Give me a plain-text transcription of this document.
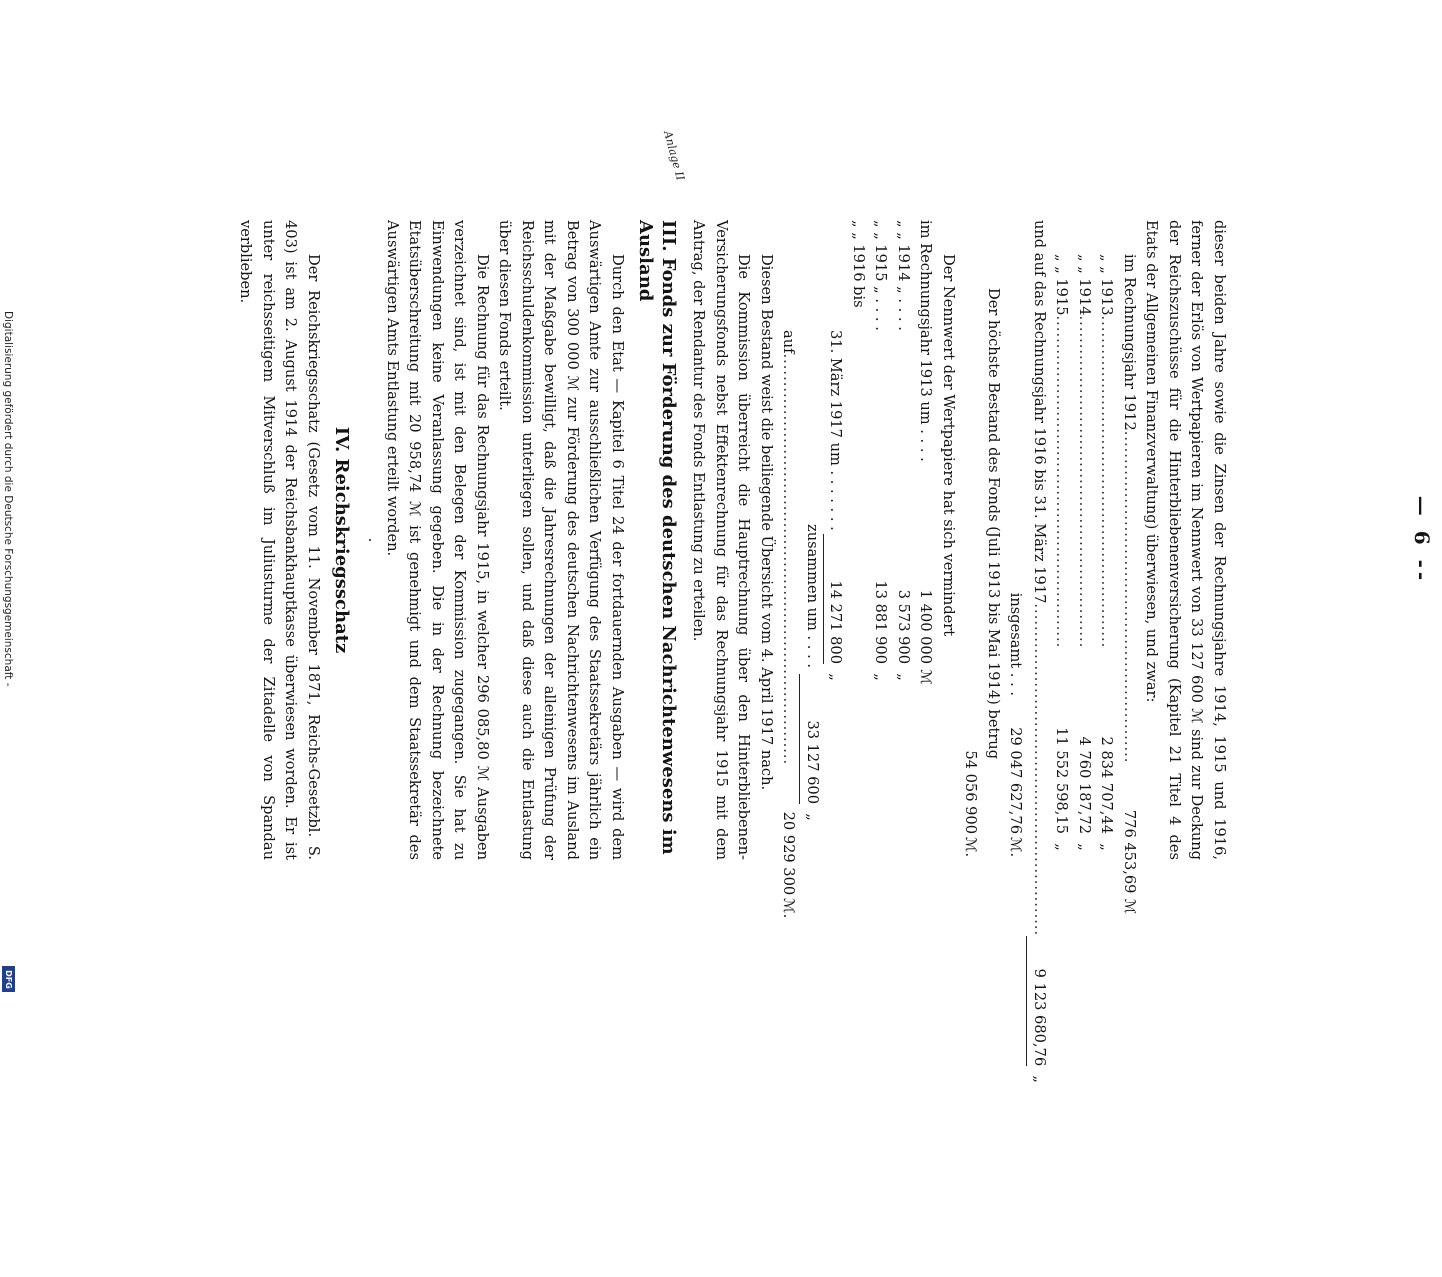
Digitalisierung gefördert durch die Deutsche Forschungsgemeinschaft -
DFG
Anlage II
— 6 --

dieser beiden Jahre sowie die Zinsen der Rechnungsjahre 1914, 1915 und 1916, ferner der Erlös von Wertpapieren im Nennwert von 33 127 600 ℳ sind zur Deckung der Reichszuschüsse für die Hinterbliebenenversicherung (Kapitel 21 Titel 4 des Etats der Allgemeinen Finanzverwaltung) überwiesen, und zwar:

im Rechnungsjahr 1912
...........................................................
776 453,69
ℳ
„ „ 1913
...........................................................
2 834 707,44
„
„ „ 1914
...........................................................
4 760 187,72
„
„ „ 1915
...........................................................
11 552 598,15
„
und auf das Rechnungsjahr 1916 bis 31. März 1917
...........................................................
9 123 680,76
„
insgesamt . . .
29 047 627,76
ℳ.
Der höchste Bestand des Fonds (Juli 1913 bis Mai 1914) betrug
54 056 900
ℳ.

Der Nennwert der Wertpapiere hat sich vermindert

im Rechnungsjahr 1913 um . . . .
1 400 000
ℳ
„ „ 1914 „ . . . .
3 573 900
„
„ „ 1915 „ . . . .
13 881 900
„
„ „ 1916 bis
31. März 1917 um . . . . . . .
14 271 800
„
zusammen um . . . .
33 127 600
„
auf
.........................................................................
20 929 300
ℳ.

Diesen Bestand weist die beiliegende Übersicht vom 4. April 1917 nach.

Die Kommission überreicht die Hauptrechnung über den Hinterbliebenen-Versicherungsfonds nebst Effektenrechnung für das Rechnungsjahr 1915 mit dem Antrag, der Rendantur des Fonds Entlastung zu erteilen.

III. Fonds zur Förderung des deutschen Nachrichtenwesens im Ausland

Durch den Etat — Kapitel 6 Titel 24 der fortdauernden Ausgaben — wird dem Auswärtigen Amte zur ausschließlichen Verfügung des Staatssekretärs jährlich ein Betrag von 300 000 ℳ zur Förderung des deutschen Nachrichtenwesens im Ausland mit der Maßgabe bewilligt, daß die Jahresrechnungen der alleinigen Prüfung der Reichsschuldenkommission unterliegen sollen, und daß diese auch die Entlastung über diesen Fonds erteilt.

Die Rechnung für das Rechnungsjahr 1915, in welcher 296 085,80 ℳ Ausgaben verzeichnet sind, ist mit den Belegen der Kommission zugegangen. Sie hat zu Einwendungen keine Veranlassung gegeben. Die in der Rechnung bezeichnete Etatsüberschreitung mit 20 958,74 ℳ ist genehmigt und dem Staatssekretär des Auswärtigen Amts Entlastung erteilt worden.

·
IV. Reichskriegsschatz

Der Reichskriegsschatz (Gesetz vom 11. November 1871, Reichs-Gesetzbl. S. 403) ist am 2. August 1914 der Reichsbankhauptkasse überwiesen worden. Er ist unter reichsseitigem Mitverschluß im Juliusturme der Zitadelle von Spandau verblieben.
